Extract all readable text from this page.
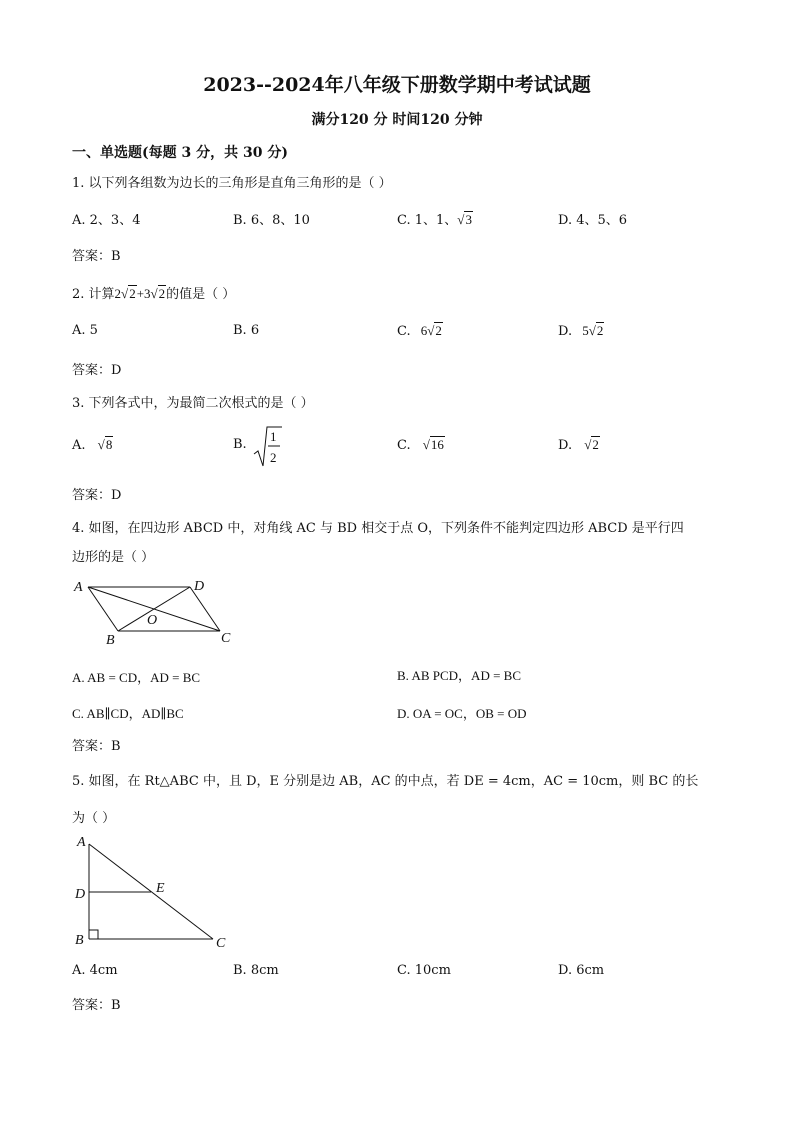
2023--2024年八年级下册数学期中考试试题
满分120 分 时间120 分钟
一、单选题(每题 3 分，共 30 分)
1. 以下列各组数为边长的三角形是直角三角形的是（ ）
A. 2、3、4	B. 6、8、10	C. 1、1、√3	D. 4、5、6
答案：B
2. 计算2√2+3√2的值是（ ）
A. 5	B. 6	C. 6√2	D. 5√2
答案：D
3. 下列各式中，为最简二次根式的是（ ）
A. √8	B.
1
2
C. √16	D. √2
答案：D
4. 如图，在四边形 ABCD 中，对角线 AC 与 BD 相交于点 O，下列条件不能判定四边形 ABCD 是平行四
边形的是（ ）
A	D
O
B	C
A. AB = CD，AD = BC	B. AB PCD，AD = BC
C. AB∥CD，AD∥BC	D. OA = OC，OB = OD
答案：B
5. 如图，在 Rt△ABC 中，且 D，E 分别是边 AB，AC 的中点，若 DE = 4cm，AC = 10cm，则 BC 的长
为（ ）
A
D	E
B	C
A. 4cm	B. 8cm	C. 10cm	D. 6cm
答案：B
